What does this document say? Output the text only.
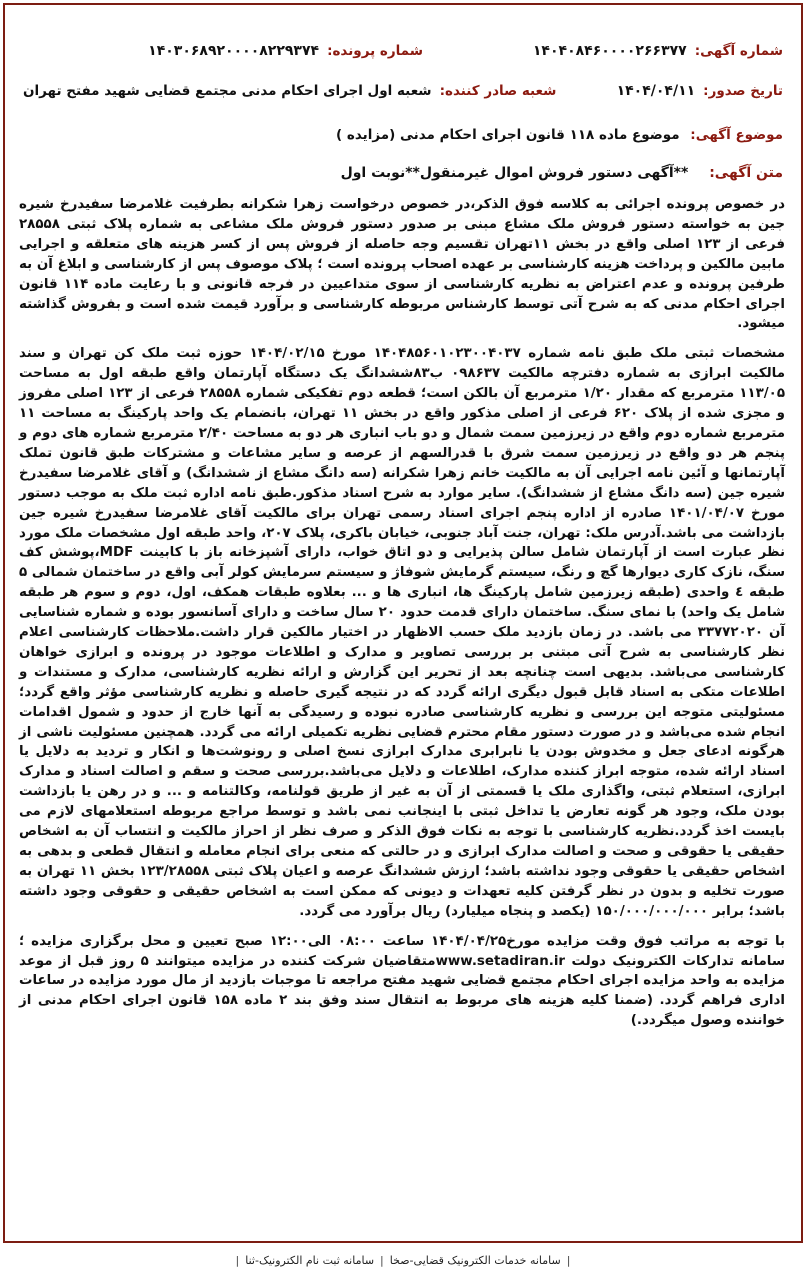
شماره آگهی:
۱۴۰۴۰۸۴۶۰۰۰۰۲۶۶۳۷۷
شماره پرونده:
۱۴۰۳۰۶۸۹۲۰۰۰۰۸۲۲۹۳۷۴
تاریخ صدور:
۱۴۰۴/۰۴/۱۱
شعبه صادر کننده:
شعبه اول اجرای احکام مدنی مجتمع قضایی شهید مفتح تهران
موضوع آگهی: موضوع ماده ۱۱۸ قانون اجرای احکام مدنی (مزایده )
متن آگهی: **آگهی دستور فروش اموال غیرمنقول**نوبت اول

در خصوص پرونده اجرائی به کلاسه فوق الذکر،در خصوص درخواست زهرا شکرانه بطرفیت غلامرضا سفیدرخ شیره جین به خواسته دستور فروش ملک مشاع مبنی بر صدور دستور فروش ملک مشاعی به شماره پلاک ثبتی ۲۸۵۵۸ فرعی از ۱۲۳ اصلی واقع در بخش ۱۱تهران تقسیم وجه حاصله از فروش پس از کسر هزینه های متعلقه و اجرایی مابین مالکین و پرداخت هزینه کارشناسی بر عهده اصحاب پرونده است ؛ پلاک موصوف پس از کارشناسی و ابلاغ آن به طرفین پرونده و عدم اعتراض به نظریه کارشناسی از سوی متداعیین در فرجه قانونی و با رعایت ماده ۱۱۴ قانون اجرای احکام مدنی که به شرح آتی توسط کارشناس مربوطه کارشناسی و برآورد قیمت شده است و بفروش گذاشته میشود.

مشخصات ثبتی ملک طبق نامه شماره ۱۴۰۴۸۵۶۰۱۰۲۳۰۰۴۰۳۷ مورخ ۱۴۰۴/۰۲/۱۵ حوزه ثبت ملک کن تهران و سند مالکیت ابرازی به شماره دفترچه مالکیت ۰۹۸۶۳۷ ب۸۳ششدانگ یک دستگاه آپارتمان واقع طبقه اول به مساحت ۱۱۳/۰۵ مترمربع که مقدار ۱/۲۰ مترمربع آن بالکن است؛ قطعه دوم تفکیکی شماره ۲۸۵۵۸ فرعی از ۱۲۳ اصلی مفروز و مجزی شده از پلاک ۶۲۰ فرعی از اصلی مذکور واقع در بخش ۱۱ تهران، بانضمام یک واحد پارکینگ به مساحت ۱۱ مترمربع شماره دوم واقع در زیرزمین سمت شمال و دو باب انباری هر دو به مساحت ۲/۴۰ مترمربع شماره های دوم و پنجم هر دو واقع در زیرزمین سمت شرق با قدرالسهم از عرصه و سایر مشاعات و مشترکات طبق قانون تملک آپارتمانها و آئین نامه اجرایی آن به مالکیت خانم زهرا شکرانه (سه دانگ مشاع از ششدانگ) و آقای غلامرضا سفیدرخ شیره جین (سه دانگ مشاع از ششدانگ). سایر موارد به شرح اسناد مذکور.طبق نامه اداره ثبت ملک به موجب دستور مورخ ۱۴۰۱/۰۴/۰۷ صادره از اداره پنجم اجرای اسناد رسمی تهران برای مالکیت آقای غلامرضا سفیدرخ شیره جین بازداشت می باشد.آدرس ملک: تهران، جنت آباد جنوبی، خیابان باکری، پلاک ۲۰۷، واحد طبقه اول مشخصات ملک مورد نظر عبارت است از آپارتمان شامل سالن پذیرایی و دو اتاق خواب، دارای آشپزخانه باز با کابینت MDF،پوشش کف سنگ، نازک کاری دیوارها گچ و رنگ، سیستم گرمایش شوفاژ و سیستم سرمایش کولر آبی واقع در ساختمان شمالی ۵ طبقه ٤ واحدی (طبقه زیرزمین شامل پارکینگ ها، انباری ها و ... بعلاوه طبقات همکف، اول، دوم و سوم هر طبقه شامل یک واحد) با نمای سنگ. ساختمان دارای قدمت حدود ۲۰ سال ساخت و دارای آسانسور بوده و شماره شناسایی آن ۳۳۷۷۲۰۲۰ می باشد. در زمان بازدید ملک حسب الاظهار در اختیار مالکین قرار داشت.ملاحظات کارشناسی اعلام نظر کارشناسی به شرح آتی مبتنی بر بررسی تصاویر و مدارک و اطلاعات موجود در پرونده و ابرازی خواهان کارشناسی می‌باشد. بدیهی است چنانچه بعد از تحریر این گزارش و ارائه نظریه کارشناسی، مدارک و مستندات و اطلاعات متکی به اسناد قابل قبول دیگری ارائه گردد که در نتیجه گیری حاصله و نظریه کارشناسی مؤثر واقع گردد؛ مسئولیتی متوجه این بررسی و نظریه کارشناسی صادره نبوده و رسیدگی به آنها خارج از حدود و شمول اقدامات انجام شده می‌باشد و در صورت دستور مقام محترم قضایی نظریه تکمیلی ارائه می گردد. همچنین مسئولیت ناشی از هرگونه ادعای جعل و مخدوش بودن یا نابرابری مدارک ابرازی نسخ اصلی و رونوشت‌ها و انکار و تردید به دلایل یا اسناد ارائه شده، متوجه ابراز کننده مدارک، اطلاعات و دلایل می‌باشد.بررسی صحت و سقم و اصالت اسناد و مدارک ابرازی، استعلام ثبتی، واگذاری ملک یا قسمتی از آن به غیر از طریق قولنامه، وکالتنامه و ... و در رهن یا بازداشت بودن ملک، وجود هر گونه تعارض یا تداخل ثبتی با اینجانب نمی باشد و توسط مراجع مربوطه استعلامهای لازم می بایست اخذ گردد.نظریه کارشناسی با توجه به نکات فوق الذکر و صرف نظر از احراز مالکیت و انتساب آن به اشخاص حقیقی یا حقوقی و صحت و اصالت مدارک ابرازی و در حالتی که منعی برای انجام معامله و انتقال قطعی و بدهی به اشخاص حقیقی یا حقوقی وجود نداشته باشد؛ ارزش ششدانگ عرصه و اعیان پلاک ثبتی ۱۲۳/۲۸۵۵۸ بخش ۱۱ تهران به صورت تخلیه و بدون در نظر گرفتن کلیه تعهدات و دیونی که ممکن است به اشخاص حقیقی و حقوقی وجود داشته باشد؛ برابر ۱۵۰/۰۰۰/۰۰۰/۰۰۰ (یکصد و پنجاه میلیارد) ریال برآورد می گردد.

با توجه به مراتب فوق وقت مزایده مورخ۱۴۰۴/۰۴/۲۵ ساعت ۰۸:۰۰ الی۱۲:۰۰ صبح تعیین و محل برگزاری مزایده ؛سامانه تدارکات الکترونیک دولت www.setadiran.irمتقاضیان شرکت کننده در مزایده میتوانند ۵ روز قبل از موعد مزایده به واحد مزایده اجرای احکام مجتمع قضایی شهید مفتح مراجعه تا موجبات بازدید از مال مورد مزایده در ساعات اداری فراهم گردد. (ضمنا کلیه هزینه های مربوط به انتقال سند وفق بند ۲ ماده ۱۵۸ قانون اجرای احکام مدنی از خواننده وصول میگردد.)

|
سامانه خدمات الکترونیک قضایی-صخا
|
سامانه ثبت نام الکترونیک-ثنا
|
